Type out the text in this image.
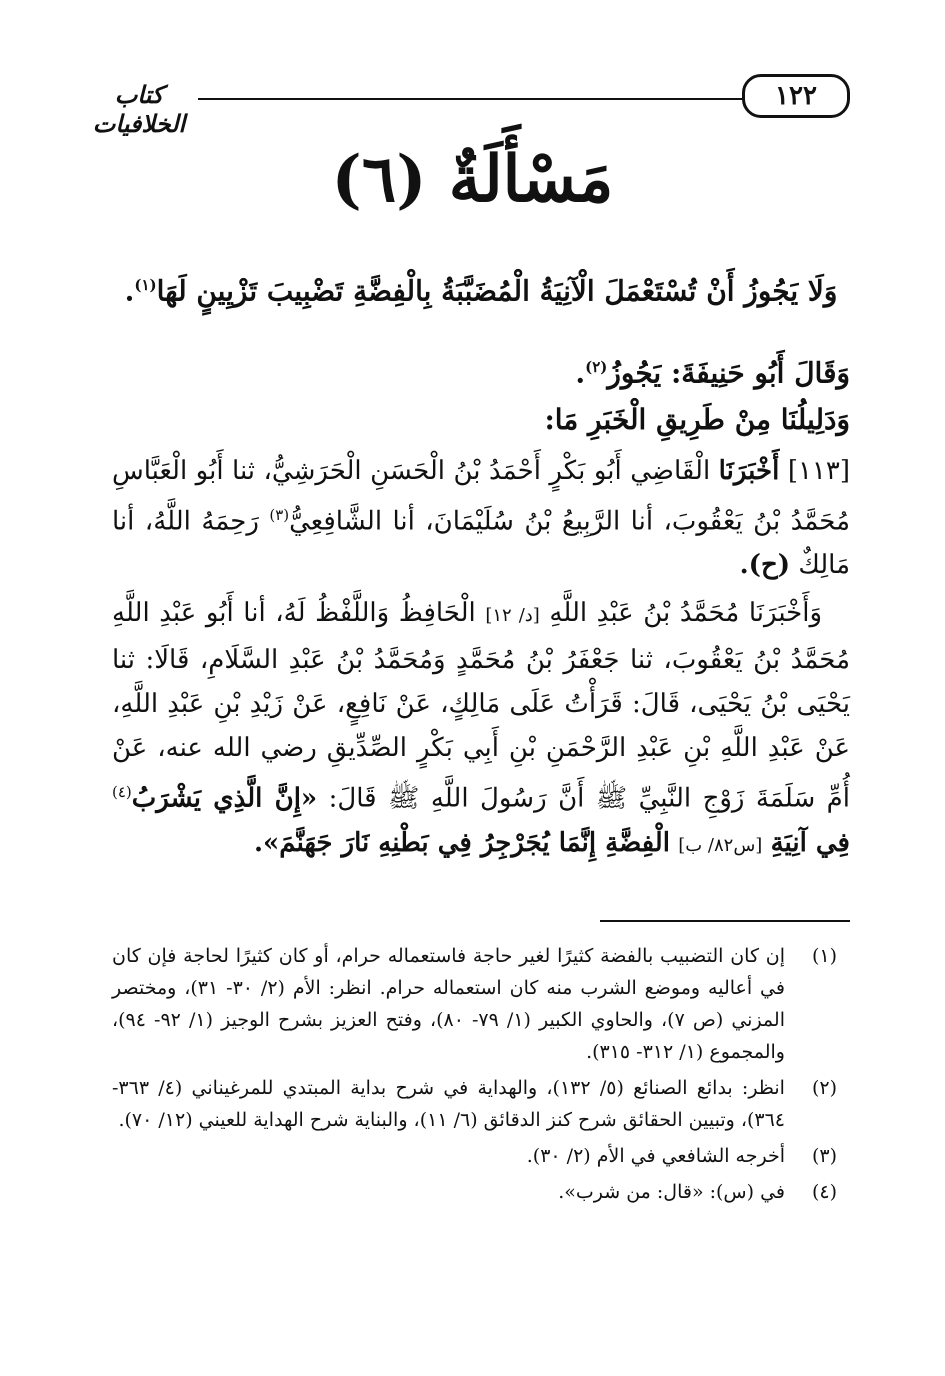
١٢٢
كتاب الخلافيات
مَسْأَلَةٌ (٦)

وَلَا يَجُوزُ أَنْ تُسْتَعْمَلَ الْآنِيَةُ الْمُضَبَّبَةُ بِالْفِضَّةِ تَضْبِيبَ تَزْيِينٍ لَهَا$^{(١)}$.

وَقَالَ أَبُو حَنِيفَةَ: يَجُوزُ$^{(٢)}$.

وَدَلِيلُنَا مِنْ طَرِيقِ الْخَبَرِ مَا:

[١١٣] أَخْبَرَنَا الْقَاضِي أَبُو بَكْرٍ أَحْمَدُ بْنُ الْحَسَنِ الْحَرَشِيُّ، ثنا أَبُو الْعَبَّاسِ مُحَمَّدُ بْنُ يَعْقُوبَ، أنا الرَّبِيعُ بْنُ سُلَيْمَانَ، أنا الشَّافِعِيُّ$^{(٣)}$ رَحِمَهُ اللَّهُ، أنا مَالِكٌ (ح).

وَأَخْبَرَنَا مُحَمَّدُ بْنُ عَبْدِ اللَّهِ [د/ ١٢] الْحَافِظُ وَاللَّفْظُ لَهُ، أنا أَبُو عَبْدِ اللَّهِ مُحَمَّدُ بْنُ يَعْقُوبَ، ثنا جَعْفَرُ بْنُ مُحَمَّدٍ وَمُحَمَّدُ بْنُ عَبْدِ السَّلَامِ، قَالَا: ثنا يَحْيَى بْنُ يَحْيَى، قَالَ: قَرَأْتُ عَلَى مَالِكٍ، عَنْ نَافِعٍ، عَنْ زَيْدِ بْنِ عَبْدِ اللَّهِ، عَنْ عَبْدِ اللَّهِ بْنِ عَبْدِ الرَّحْمَنِ بْنِ أَبِي بَكْرٍ الصِّدِّيقِ رضي الله عنه، عَنْ أُمِّ سَلَمَةَ زَوْجِ النَّبِيِّ ﷺ أَنَّ رَسُولَ اللَّهِ ﷺ قَالَ: «إِنَّ الَّذِي يَشْرَبُ$^{(٤)}$ فِي آنِيَةِ [س٨٢/ ب] الْفِضَّةِ إِنَّمَا يُجَرْجِرُ فِي بَطْنِهِ نَارَ جَهَنَّمَ».

(١)
إن كان التضبيب بالفضة كثيرًا لغير حاجة فاستعماله حرام، أو كان كثيرًا لحاجة فإن كان في أعاليه وموضع الشرب منه كان استعماله حرام. انظر: الأم (٢/ ٣٠- ٣١)، ومختصر المزني (ص ٧)، والحاوي الكبير (١/ ٧٩- ٨٠)، وفتح العزيز بشرح الوجيز (١/ ٩٢- ٩٤)، والمجموع (١/ ٣١٢- ٣١٥).
(٢)
انظر: بدائع الصنائع (٥/ ١٣٢)، والهداية في شرح بداية المبتدي للمرغيناني (٤/ ٣٦٣- ٣٦٤)، وتبيين الحقائق شرح كنز الدقائق (٦/ ١١)، والبناية شرح الهداية للعيني (١٢/ ٧٠).
(٣)
أخرجه الشافعي في الأم (٢/ ٣٠).
(٤)
في (س): «قال: من شرب».
